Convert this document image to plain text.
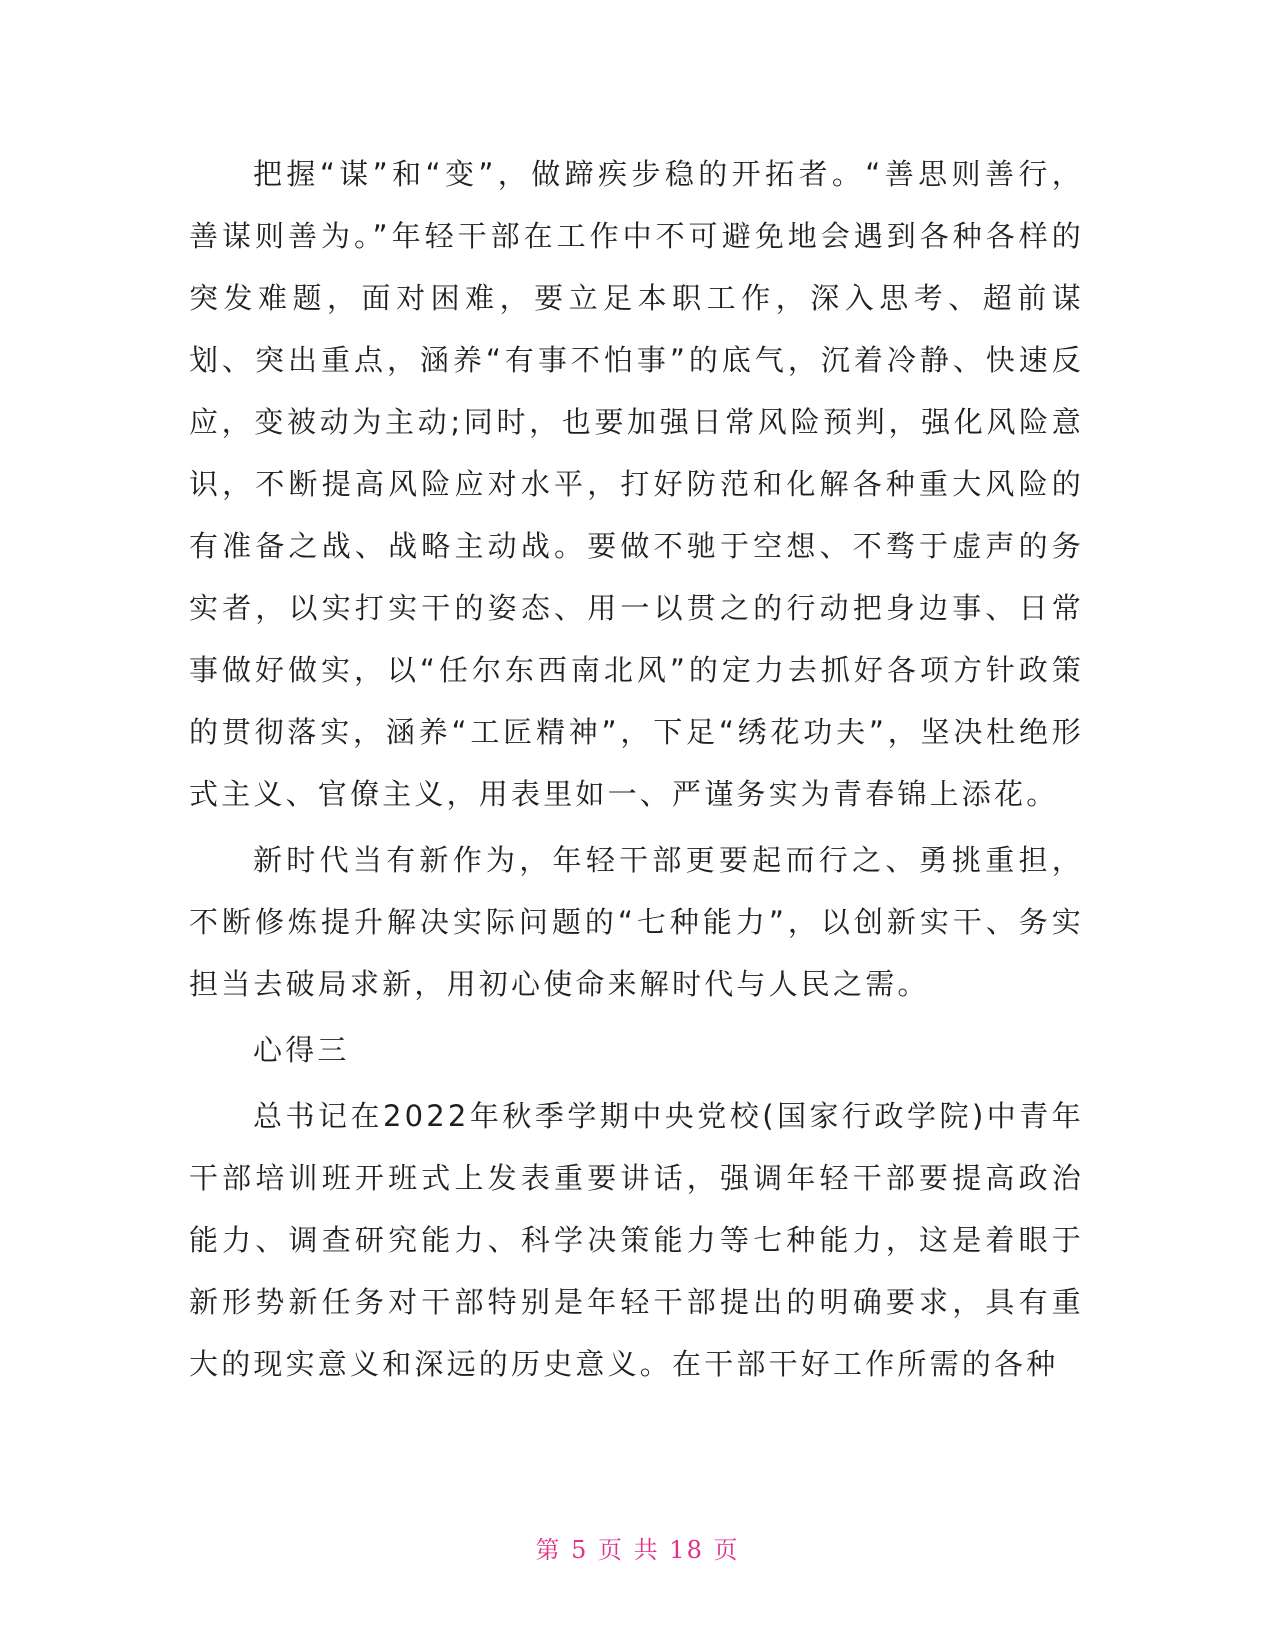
把握“谋”和“变”，做蹄疾步稳的开拓者。“善思则善行，善谋则善为。”年轻干部在工作中不可避免地会遇到各种各样的突发难题，面对困难，要立足本职工作，深入思考、超前谋划、突出重点，涵养“有事不怕事”的底气，沉着冷静、快速反应，变被动为主动;同时，也要加强日常风险预判，强化风险意识，不断提高风险应对水平，打好防范和化解各种重大风险的有准备之战、战略主动战。要做不驰于空想、不骛于虚声的务实者，以实打实干的姿态、用一以贯之的行动把身边事、日常事做好做实，以“任尔东西南北风”的定力去抓好各项方针政策的贯彻落实，涵养“工匠精神”，下足“绣花功夫”，坚决杜绝形式主义、官僚主义，用表里如一、严谨务实为青春锦上添花。

新时代当有新作为，年轻干部更要起而行之、勇挑重担，不断修炼提升解决实际问题的“七种能力”，以创新实干、务实担当去破局求新，用初心使命来解时代与人民之需。

心得三

总书记在2022年秋季学期中央党校(国家行政学院)中青年干部培训班开班式上发表重要讲话，强调年轻干部要提高政治能力、调查研究能力、科学决策能力等七种能力，这是着眼于新形势新任务对干部特别是年轻干部提出的明确要求，具有重大的现实意义和深远的历史意义。在干部干好工作所需的各种

第 5 页 共 18 页
